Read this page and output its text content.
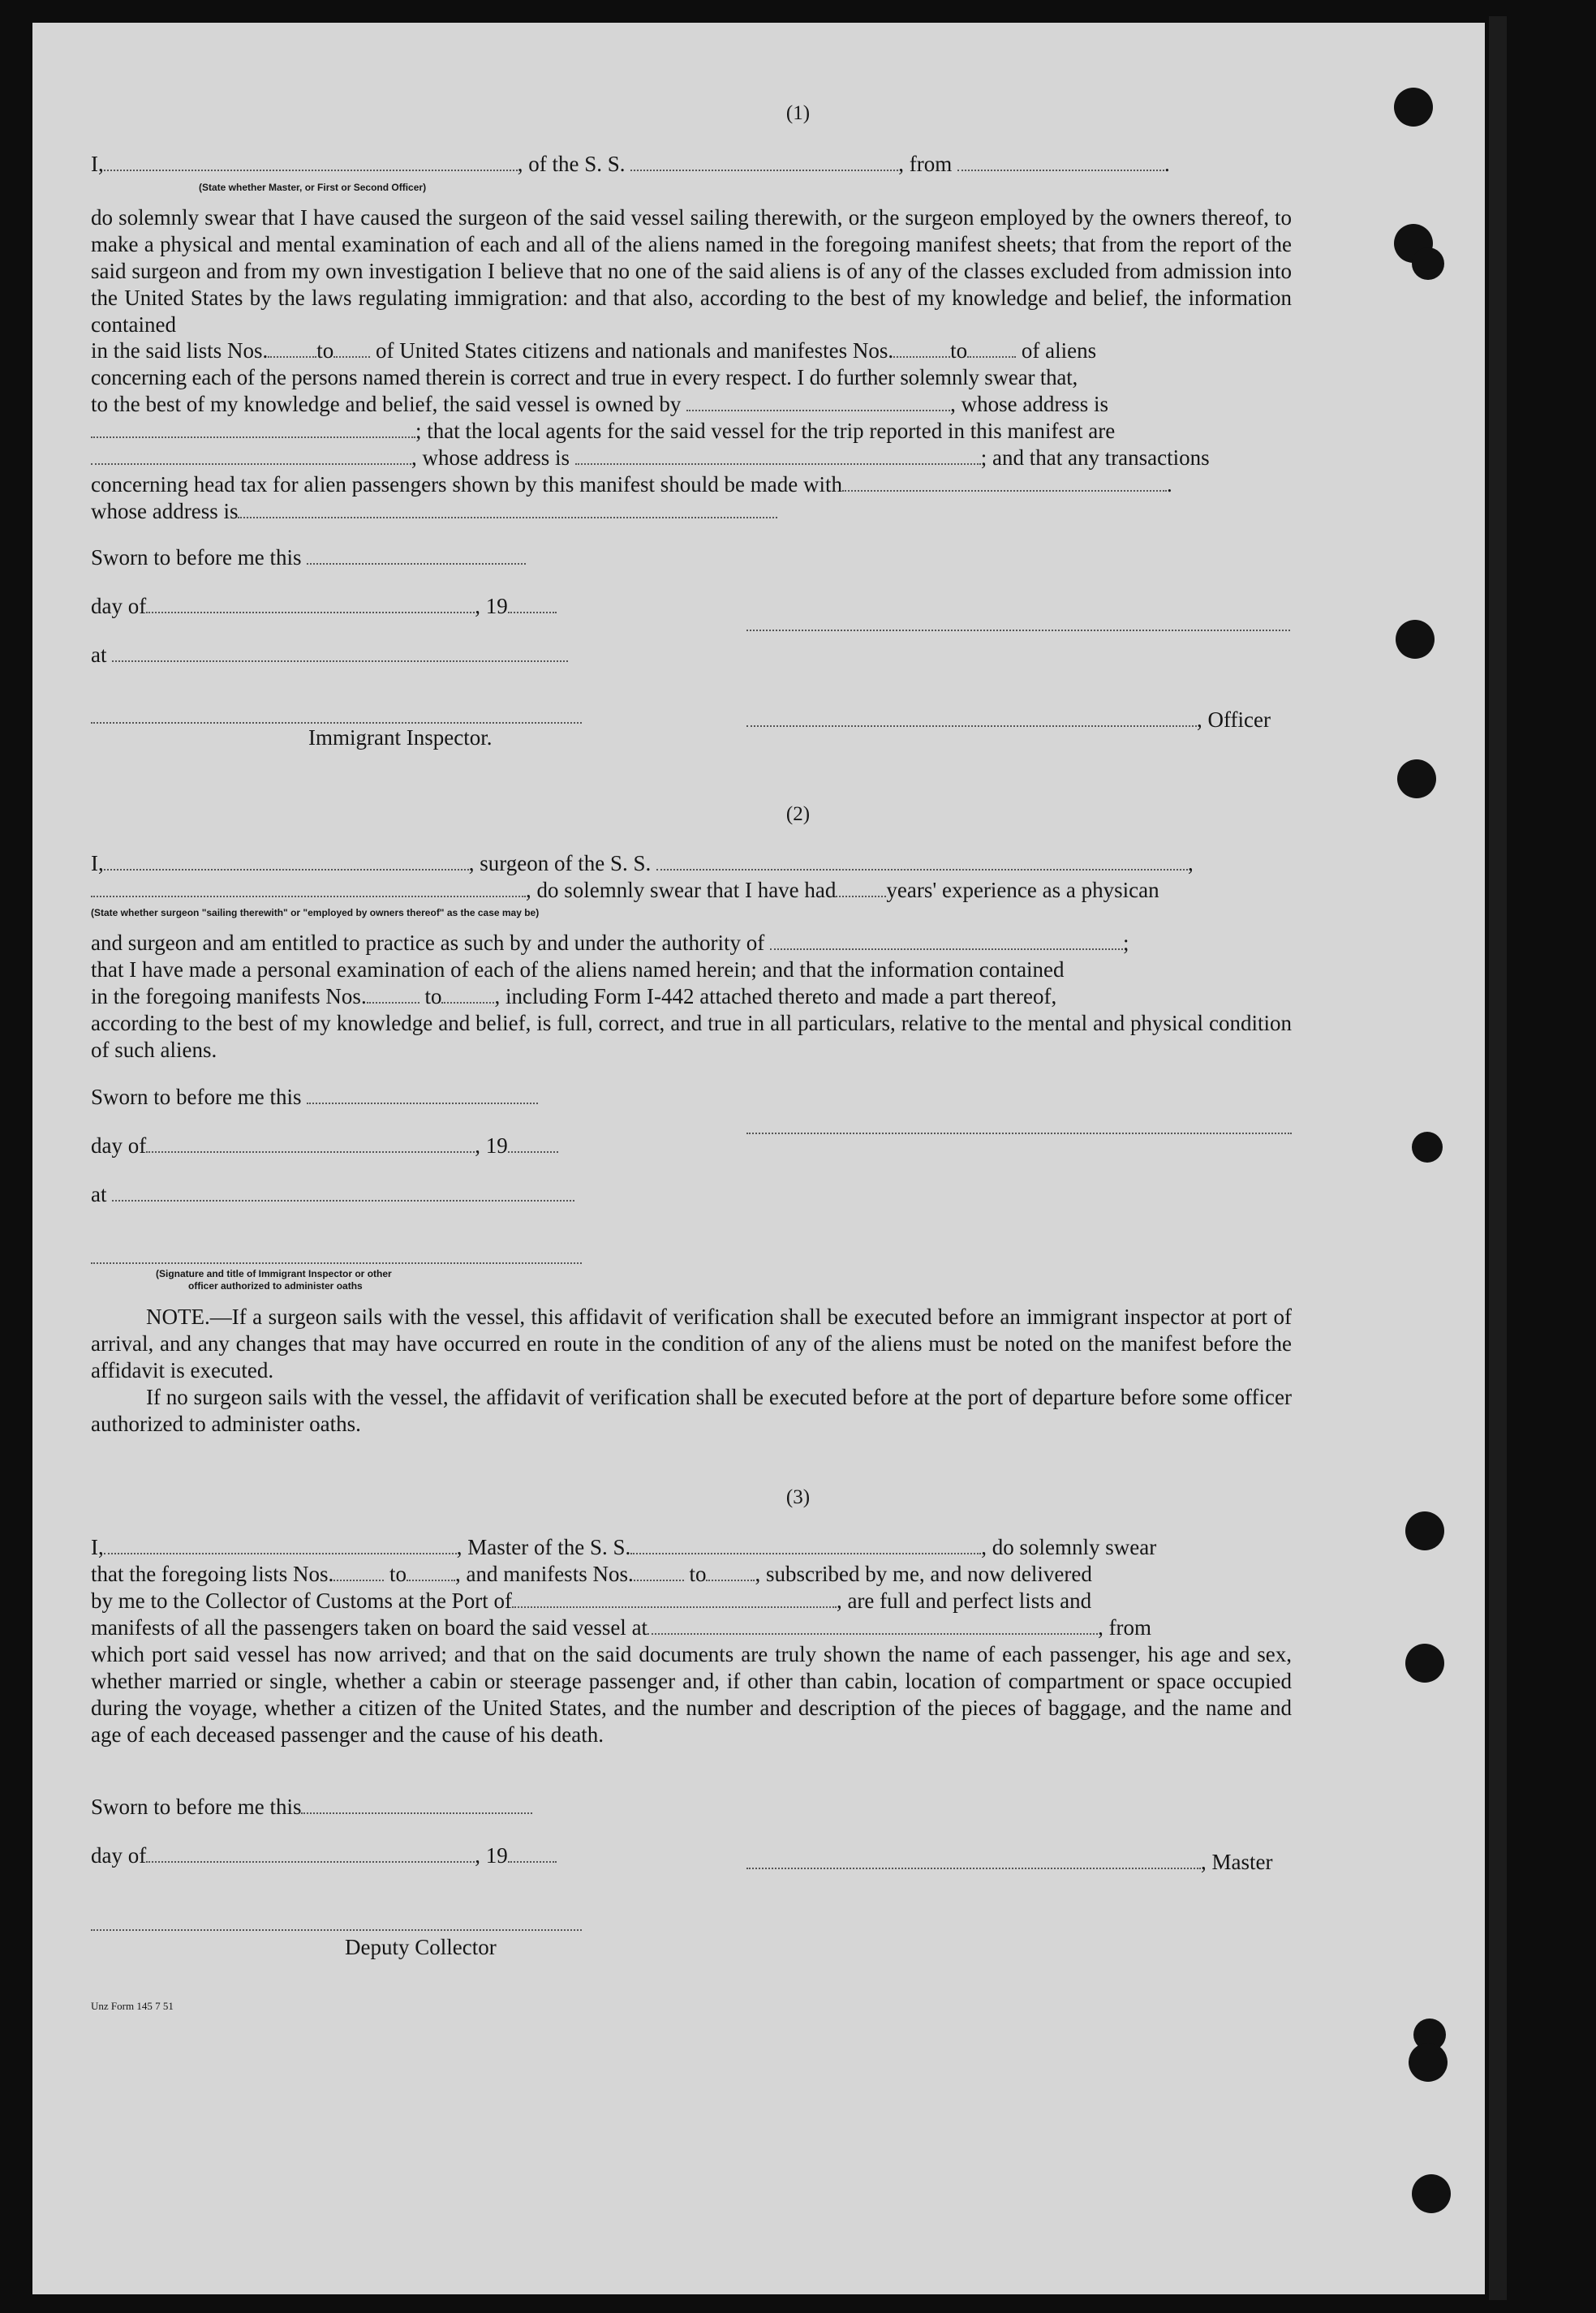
(1)
I,	, of the S. S.	, from	.
(State whether Master, or First or Second Officer)
do solemnly swear that I have caused the surgeon of the said vessel sailing therewith, or the surgeon employed by the owners thereof, to make a physical and mental examination of each and all of the aliens named in the foregoing manifest sheets; that from the report of the said surgeon and from my own investigation I believe that no one of the said aliens is of any of the classes excluded from admission into the United States by the laws regulating immigration: and that also, according to the best of my knowledge and belief, the information contained
in the said lists Nos. to of United States citizens and nationals and manifestes Nos.	to of aliens
concerning each of the persons named therein is correct and true in every respect. I do further solemnly swear that,
to the best of my knowledge and belief, the said vessel is owned by	, whose address is
; that the local agents for the said vessel for the trip reported in this manifest are
, whose address is	; and that any transactions
concerning head tax for alien passengers shown by this manifest should be made with	.
whose address is
Sworn to before me this
day of	, 19
at
, Officer
Immigrant Inspector.
(2)
I,	, surgeon of the S. S.	,
, do solemnly swear that I have had years' experience as a physican
(State whether surgeon "sailing therewith" or "employed by owners thereof" as the case may be)
and surgeon and am entitled to practice as such by and under the authority of	;
that I have made a personal examination of each of the aliens named herein; and that the information contained
in the foregoing manifests Nos.	to , including Form I-442 attached thereto and made a part thereof,
according to the best of my knowledge and belief, is full, correct, and true in all particulars, relative to the mental and physical condition of such aliens.
Sworn to before me this
day of	, 19
at
(Signature and title of Immigrant Inspector or other
officer authorized to administer oaths
NOTE.—If a surgeon sails with the vessel, this affidavit of verification shall be executed before an immigrant inspector at port of arrival, and any changes that may have occurred en route in the condition of any of the aliens must be noted on the manifest before the affidavit is executed.
If no surgeon sails with the vessel, the affidavit of verification shall be executed before at the port of departure before some officer authorized to administer oaths.
(3)
I,	, Master of the S. S.	, do solemnly swear
that the foregoing lists Nos.	to , and manifests Nos.	to , subscribed by me, and now delivered
by me to the Collector of Customs at the Port of	, are full and perfect lists and
manifests of all the passengers taken on board the said vessel at	, from
which port said vessel has now arrived; and that on the said documents are truly shown the name of each passenger, his age and sex, whether married or single, whether a cabin or steerage passenger and, if other than cabin, location of compartment or space occupied during the voyage, whether a citizen of the United States, and the number and description of the pieces of baggage, and the name and age of each deceased passenger and the cause of his death.
Sworn to before me this
day of	, 19	, Master
Deputy Collector
Unz Form 145 7 51
